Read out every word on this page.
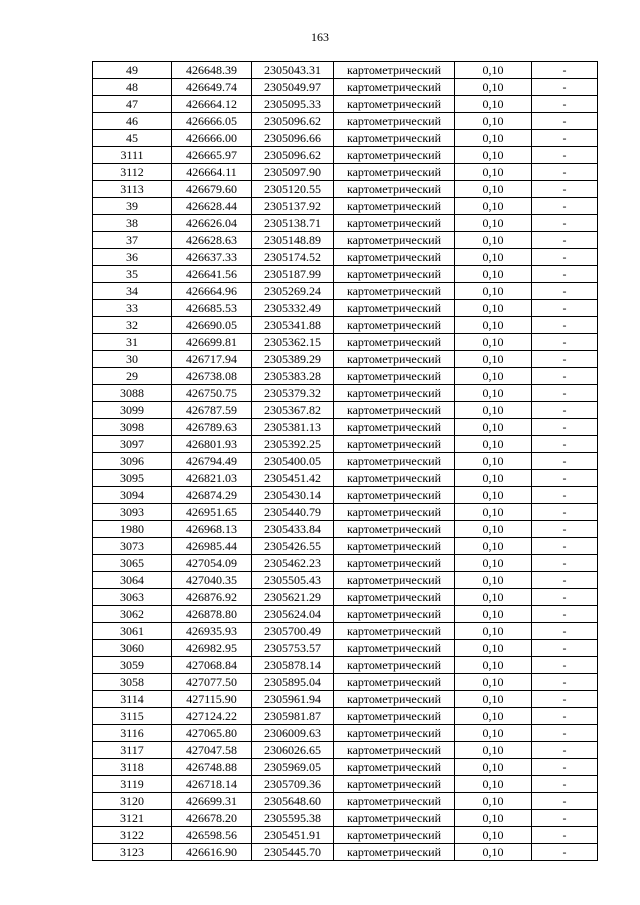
163
49	426648.39	2305043.31	картометрический	0,10	-
48	426649.74	2305049.97	картометрический	0,10	-
47	426664.12	2305095.33	картометрический	0,10	-
46	426666.05	2305096.62	картометрический	0,10	-
45	426666.00	2305096.66	картометрический	0,10	-
3111	426665.97	2305096.62	картометрический	0,10	-
3112	426664.11	2305097.90	картометрический	0,10	-
3113	426679.60	2305120.55	картометрический	0,10	-
39	426628.44	2305137.92	картометрический	0,10	-
38	426626.04	2305138.71	картометрический	0,10	-
37	426628.63	2305148.89	картометрический	0,10	-
36	426637.33	2305174.52	картометрический	0,10	-
35	426641.56	2305187.99	картометрический	0,10	-
34	426664.96	2305269.24	картометрический	0,10	-
33	426685.53	2305332.49	картометрический	0,10	-
32	426690.05	2305341.88	картометрический	0,10	-
31	426699.81	2305362.15	картометрический	0,10	-
30	426717.94	2305389.29	картометрический	0,10	-
29	426738.08	2305383.28	картометрический	0,10	-
3088	426750.75	2305379.32	картометрический	0,10	-
3099	426787.59	2305367.82	картометрический	0,10	-
3098	426789.63	2305381.13	картометрический	0,10	-
3097	426801.93	2305392.25	картометрический	0,10	-
3096	426794.49	2305400.05	картометрический	0,10	-
3095	426821.03	2305451.42	картометрический	0,10	-
3094	426874.29	2305430.14	картометрический	0,10	-
3093	426951.65	2305440.79	картометрический	0,10	-
1980	426968.13	2305433.84	картометрический	0,10	-
3073	426985.44	2305426.55	картометрический	0,10	-
3065	427054.09	2305462.23	картометрический	0,10	-
3064	427040.35	2305505.43	картометрический	0,10	-
3063	426876.92	2305621.29	картометрический	0,10	-
3062	426878.80	2305624.04	картометрический	0,10	-
3061	426935.93	2305700.49	картометрический	0,10	-
3060	426982.95	2305753.57	картометрический	0,10	-
3059	427068.84	2305878.14	картометрический	0,10	-
3058	427077.50	2305895.04	картометрический	0,10	-
3114	427115.90	2305961.94	картометрический	0,10	-
3115	427124.22	2305981.87	картометрический	0,10	-
3116	427065.80	2306009.63	картометрический	0,10	-
3117	427047.58	2306026.65	картометрический	0,10	-
3118	426748.88	2305969.05	картометрический	0,10	-
3119	426718.14	2305709.36	картометрический	0,10	-
3120	426699.31	2305648.60	картометрический	0,10	-
3121	426678.20	2305595.38	картометрический	0,10	-
3122	426598.56	2305451.91	картометрический	0,10	-
3123	426616.90	2305445.70	картометрический	0,10	-
